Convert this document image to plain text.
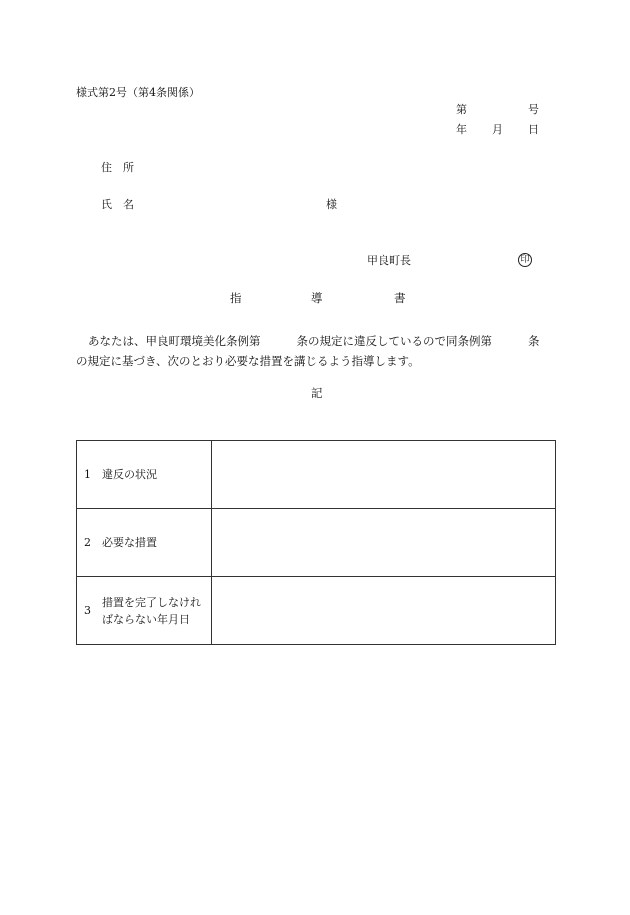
様式第2号（第4条関係）
第	号
年 月 日
住　所
氏　名	様
甲良町長	印
指	導	書
あなたは、甲良町環境美化条例第	条の規定に違反しているので同条例第	条
の規定に基づき、次のとおり必要な措置を講じるよう指導します。
記
1 違反の状況	

2 必要な措置	

3
措置を完了しなけれ
ばならない年月日	
